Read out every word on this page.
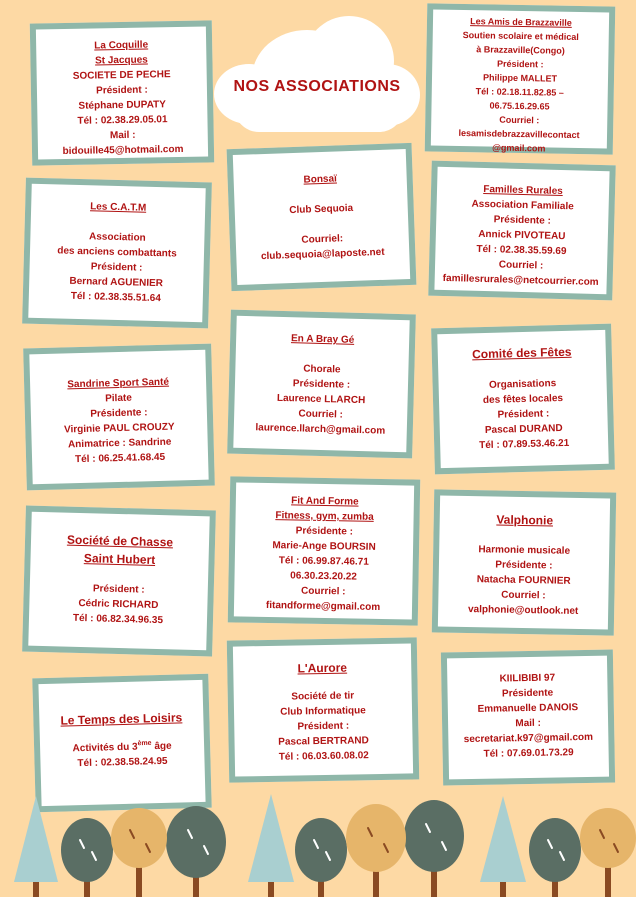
NOS ASSOCIATIONS
La Coquille
St Jacques
SOCIETE DE PECHE
Président :
Stéphane DUPATY
Tél : 02.38.29.05.01
Mail :
bidouille45@hotmail.com
Les Amis de Brazzaville
Soutien scolaire et médical
à Brazzaville(Congo)
Président :
Philippe MALLET
Tél : 02.18.11.82.85 –
06.75.16.29.65
Courriel :
lesamisdebrazzavillecontact
@gmail.com
Bonsaï
Club Sequoia
Courriel:
club.sequoia@laposte.net
Les C.A.T.M
Association
des anciens combattants
Président :
Bernard AGUENIER
Tél : 02.38.35.51.64
Familles Rurales
Association Familiale
Présidente :
Annick PIVOTEAU
Tél : 02.38.35.59.69
Courriel :
famillesrurales@netcourrier.com
En A Bray Gé
Chorale
Présidente :
Laurence LLARCH
Courriel :
laurence.llarch@gmail.com
Sandrine Sport Santé
Pilate
Présidente :
Virginie PAUL CROUZY
Animatrice : Sandrine
Tél : 06.25.41.68.45
Comité des Fêtes
Organisations
des fêtes locales
Président :
Pascal DURAND
Tél : 07.89.53.46.21
Fit And Forme
Fitness, gym, zumba
Présidente :
Marie-Ange BOURSIN
Tél : 06.99.87.46.71
06.30.23.20.22
Courriel :
fitandforme@gmail.com
Société de Chasse
Saint Hubert
Président :
Cédric RICHARD
Tél : 06.82.34.96.35
Valphonie
Harmonie musicale
Présidente :
Natacha FOURNIER
Courriel :
valphonie@outlook.net
L'Aurore
Société de tir
Club Informatique
Président :
Pascal BERTRAND
Tél : 06.03.60.08.02
Le Temps des Loisirs
Activités du 3ème âge
Tél : 02.38.58.24.95
KIILIBIBI 97
Présidente
Emmanuelle DANOIS
Mail :
secretariat.k97@gmail.com
Tél : 07.69.01.73.29
